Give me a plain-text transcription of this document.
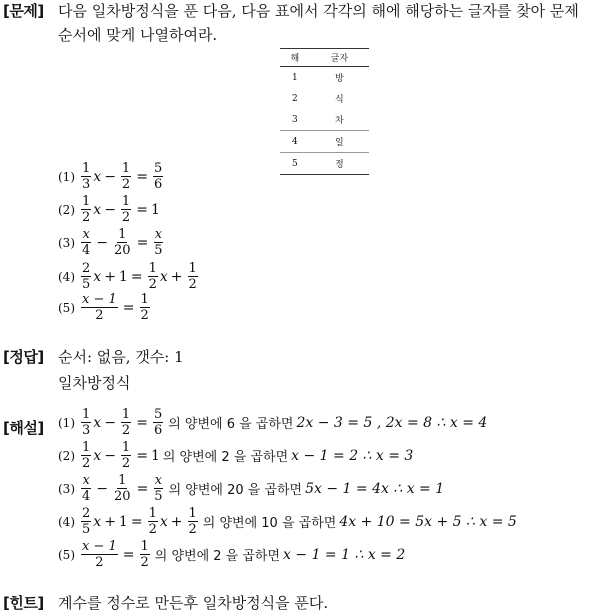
[문제] 다음 일차방정식을 푼 다음, 다음 표에서 각각의 해에 해당하는 글자를 찾아 문제
순서에 맞게 나열하여라.
해	글자
1	방
2	식
3	차
4	일
5	정
$(1) \frac{1}{3}$ $x - \frac{1}{2} = \frac{5}{6}$
$(2) \frac{1}{2}$ $x - \frac{1}{2} = 1$
$(3) \frac{x}{4} - \frac{1}{20} = \frac{x}{5}$
$(4) \frac{2}{5}$ $x + 1 = \frac{1}{2}$ $x + \frac{1}{2}$
$(5) \frac{x - 1}{2} = \frac{1}{2}$
[정답] 순서: 없음, 갯수: 1
일차방정식
[해설] $(1) \frac{1}{3}$ $x - \frac{1}{2} = \frac{5}{6}$ 의 양변에 6 을 곱하면 2x − 3 = 5 , 2x = 8 ∴ x = 4
$(2) \frac{1}{2}$ $x - \frac{1}{2} = 1$ 의 양변에 2 을 곱하면 x − 1 = 2 ∴ x = 3
$(3) \frac{x}{4} - \frac{1}{20} = \frac{x}{5}$ 의 양변에 20 을 곱하면 5x − 1 = 4x ∴ x = 1
$(4) \frac{2}{5}$ $x + 1 = \frac{1}{2}$ $x + \frac{1}{2}$ 의 양변에 10 을 곱하면 4x + 10 = 5x + 5 ∴ x = 5
$(5) \frac{x - 1}{2} = \frac{1}{2}$ 의 양변에 2 을 곱하면 x − 1 = 1 ∴ x = 2
[힌트] 계수를 정수로 만든후 일차방정식을 푼다.
